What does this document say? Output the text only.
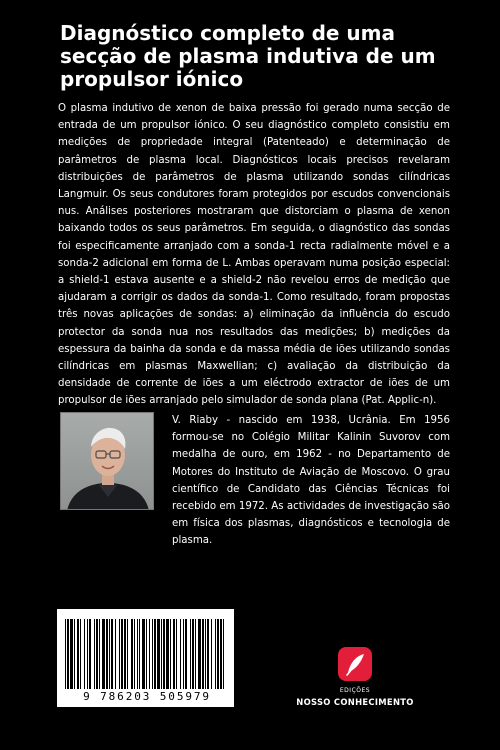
Diagnóstico completo de uma secção de plasma indutiva de um propulsor iónico
O plasma indutivo de xenon de baixa pressão foi gerado numa secção de entrada de um propulsor iónico. O seu diagnóstico completo consistiu em medições de propriedade integral (Patenteado) e determinação de parâmetros de plasma local. Diagnósticos locais precisos revelaram distribuições de parâmetros de plasma utilizando sondas cilíndricas Langmuir. Os seus condutores foram protegidos por escudos convencionais nus. Análises posteriores mostraram que distorciam o plasma de xenon baixando todos os seus parâmetros. Em seguida, o diagnóstico das sondas foi especificamente arranjado com a sonda-1 recta radialmente móvel e a sonda-2 adicional em forma de L. Ambas operavam numa posição especial: a shield-1 estava ausente e a shield-2 não revelou erros de medição que ajudaram a corrigir os dados da sonda-1. Como resultado, foram propostas três novas aplicações de sondas: a) eliminação da influência do escudo protector da sonda nua nos resultados das medições; b) medições da espessura da bainha da sonda e da massa média de iões utilizando sondas cilíndricas em plasmas Maxwellian; c) avaliação da distribuição da densidade de corrente de iões a um eléctrodo extractor de iões de um propulsor de iões arranjado pelo simulador de sonda plana (Pat. Applic-n).
V. Riaby - nascido em 1938, Ucrânia. Em 1956 formou-se no Colégio Militar Kalinin Suvorov com medalha de ouro, em 1962 - no Departamento de Motores do Instituto de Aviação de Moscovo. O grau científico de Candidato das Ciências Técnicas foi recebido em 1972. As actividades de investigação são em física dos plasmas, diagnósticos e tecnologia de plasma.
9 786203 505979	EDIÇÕES
NOSSO CONHECIMENTO
